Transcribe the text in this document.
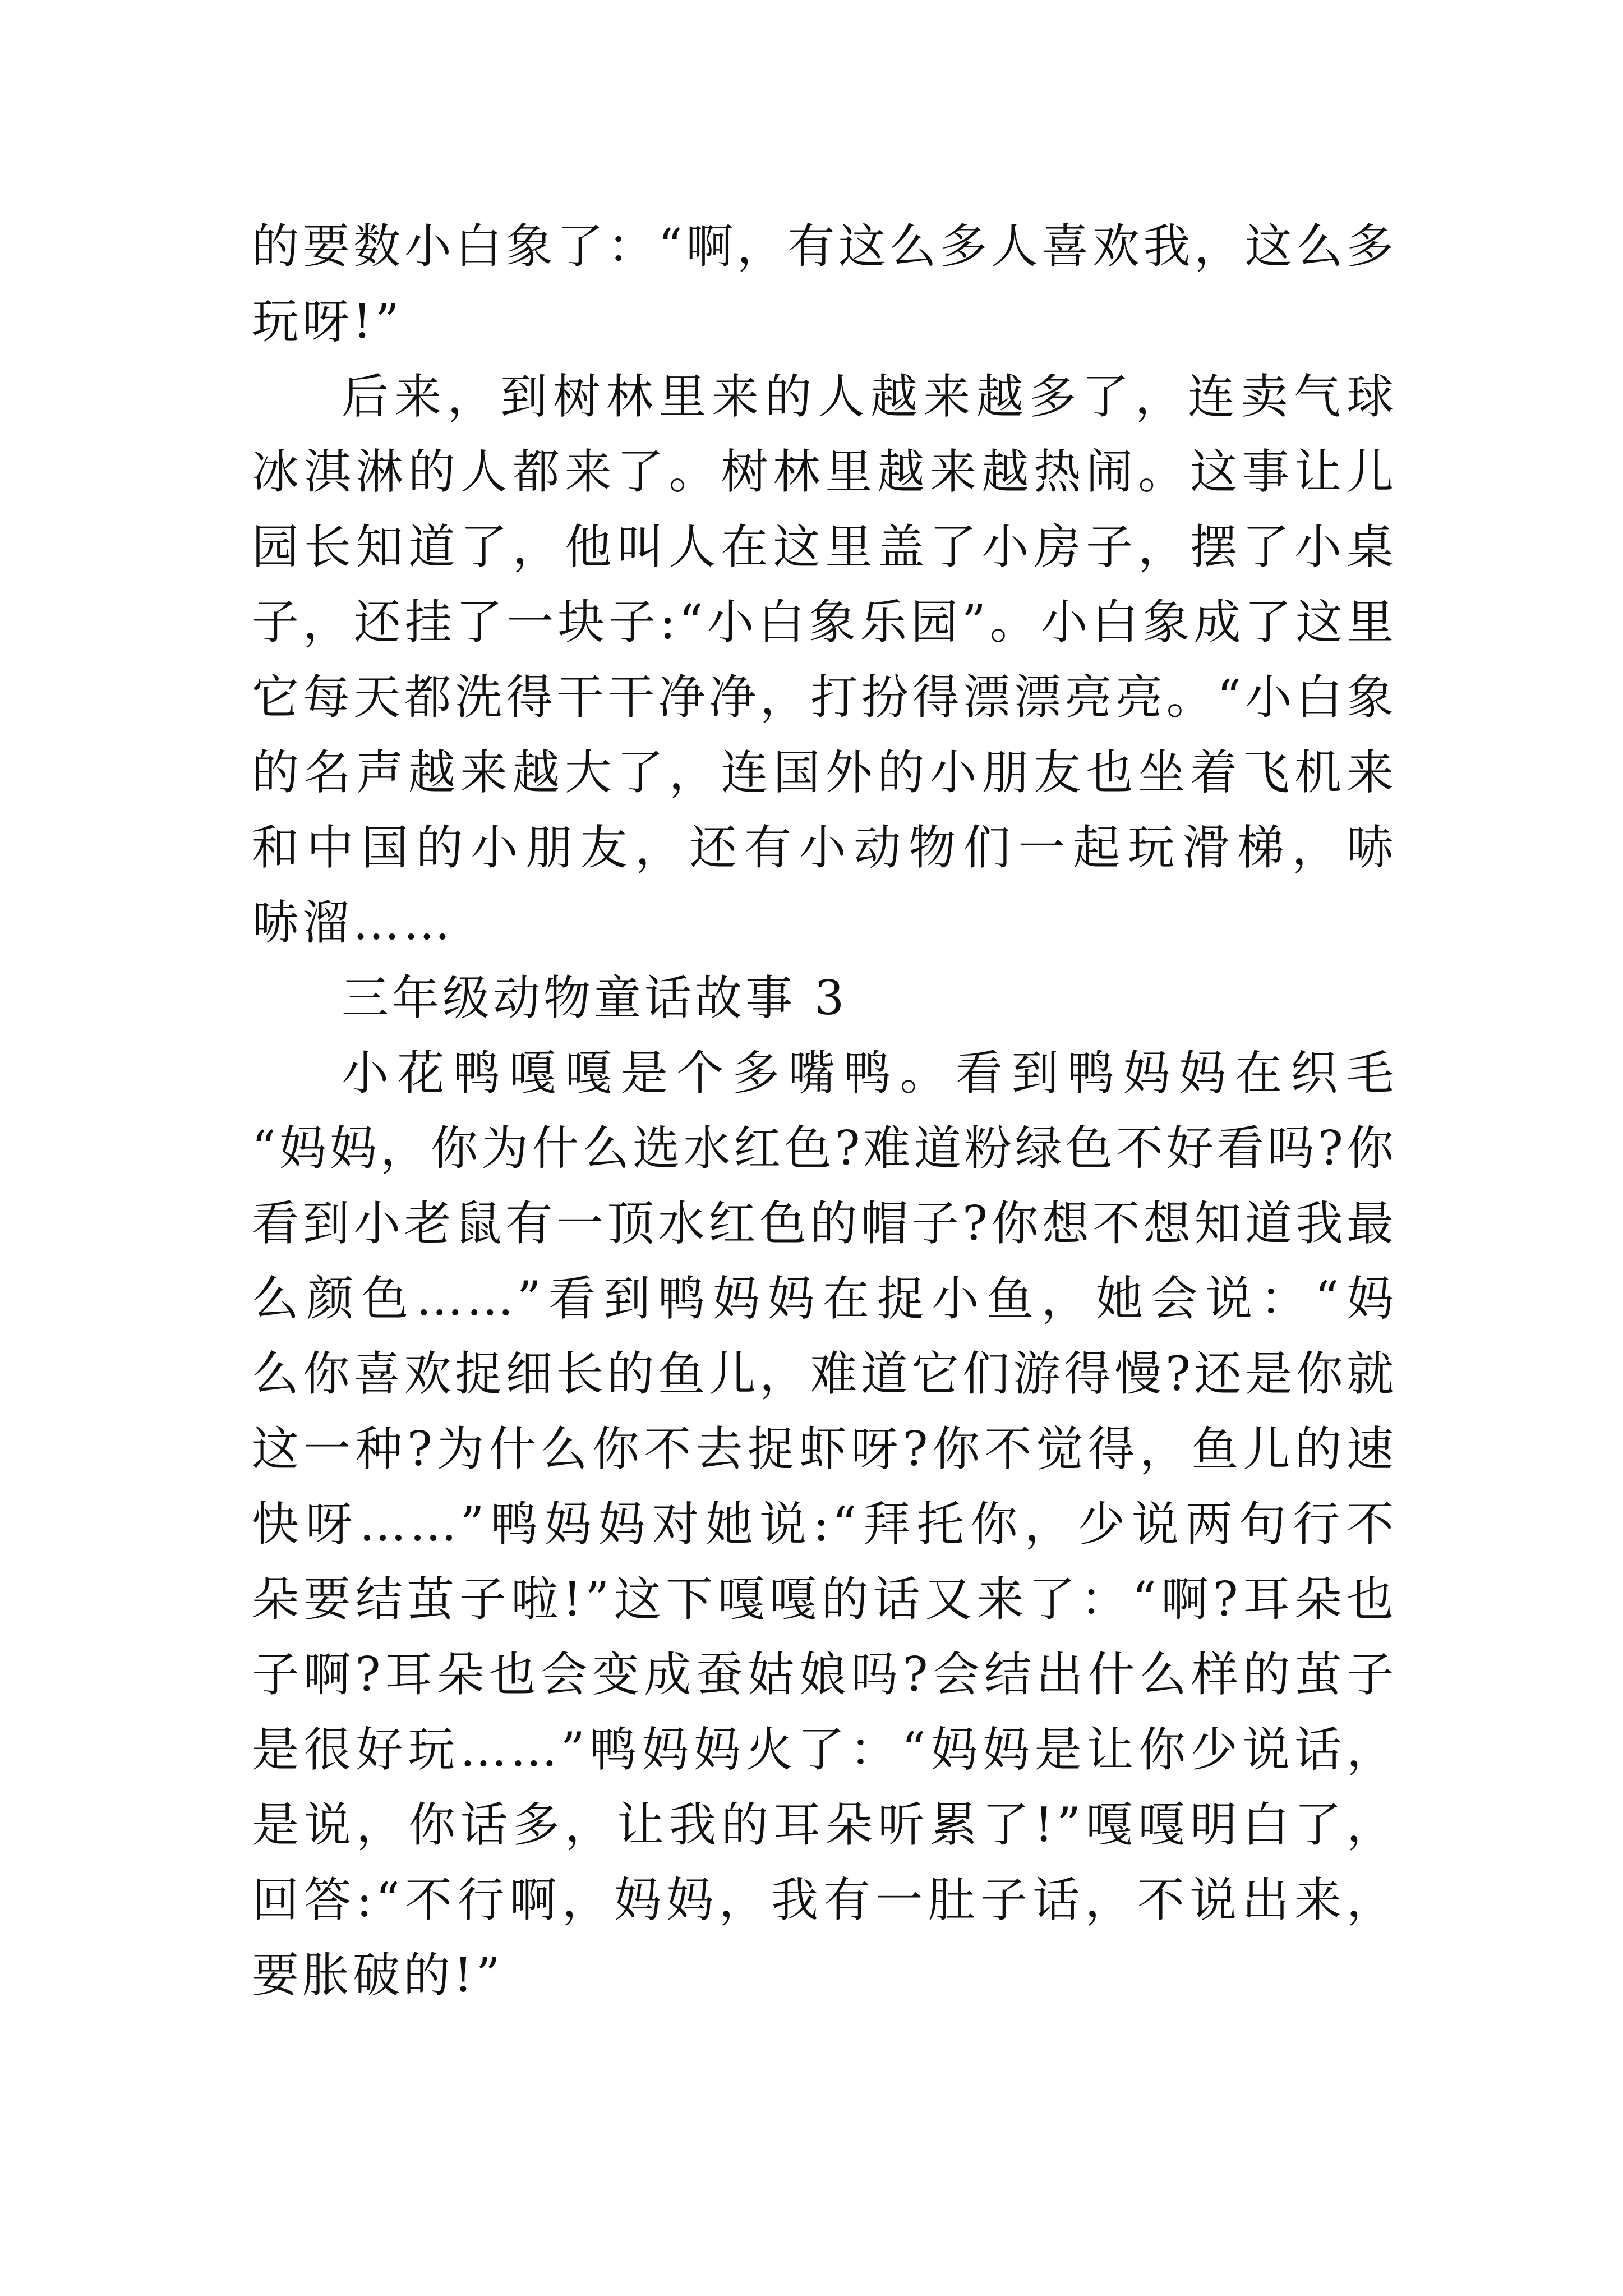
的要数小白象了：“啊，有这么多人喜欢我，这么多
玩呀!”
后来，到树林里来的人越来越多了，连卖气球
冰淇淋的人都来了。树林里越来越热闹。这事让儿
园长知道了，他叫人在这里盖了小房子，摆了小桌
子，还挂了一块子:“小白象乐园”。小白象成了这里
它每天都洗得干干净净，打扮得漂漂亮亮。“小白象
的名声越来越大了，连国外的小朋友也坐着飞机来
和中国的小朋友，还有小动物们一起玩滑梯，哧
哧溜……
三年级动物童话故事 3
小花鸭嘎嘎是个多嘴鸭。看到鸭妈妈在织毛
“妈妈，你为什么选水红色?难道粉绿色不好看吗?你
看到小老鼠有一顶水红色的帽子?你想不想知道我最
么颜色……”看到鸭妈妈在捉小鱼，她会说：“妈
么你喜欢捉细长的鱼儿，难道它们游得慢?还是你就
这一种?为什么你不去捉虾呀?你不觉得，鱼儿的速
快呀……”鸭妈妈对她说:“拜托你，少说两句行不
朵要结茧子啦!”这下嘎嘎的话又来了：“啊?耳朵也
子啊?耳朵也会变成蚕姑娘吗?会结出什么样的茧子
是很好玩……”鸭妈妈火了：“妈妈是让你少说话，
是说，你话多，让我的耳朵听累了!”嘎嘎明白了，
回答:“不行啊，妈妈，我有一肚子话，不说出来，
要胀破的!”
